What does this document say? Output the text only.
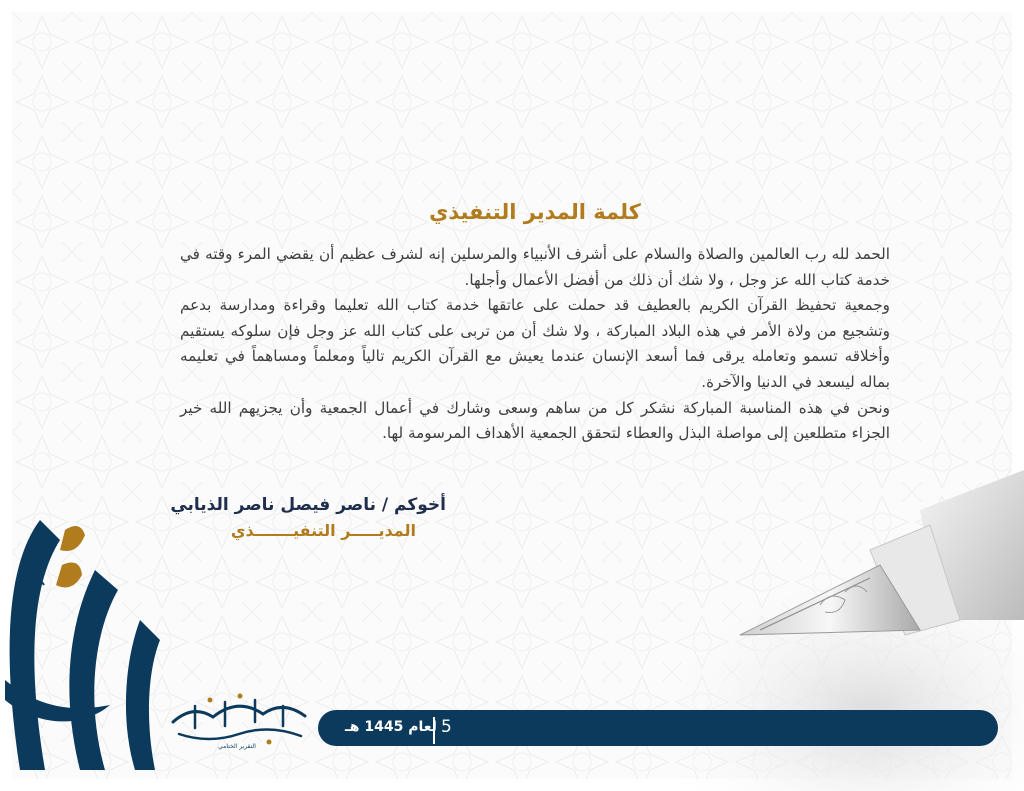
كلمة المدير التنفيذي

الحمد لله رب العالمين والصلاة والسلام على أشرف الأنبياء والمرسلين إنه لشرف عظيم أن يقضي المرء وقته في خدمة كتاب الله عز وجل ، ولا شك أن ذلك من أفضل الأعمال وأجلها.

وجمعية تحفيظ القرآن الكريم بالعطيف قد حملت على عاتقها خدمة كتاب الله تعليما وقراءة ومدارسة بدعم وتشجيع من ولاة الأمر في هذه البلاد المباركة ، ولا شك أن من تربى على كتاب الله عز وجل فإن سلوكه يستقيم وأخلاقه تسمو وتعامله يرقى فما أسعد الإنسان عندما يعيش مع القرآن الكريم تالياً ومعلماً ومساهماً في تعليمه بماله ليسعد في الدنيا والآخرة.

ونحن في هذه المناسبة المباركة نشكر كل من ساهم وسعى وشارك في أعمال الجمعية وأن يجزيهم الله خير الجزاء متطلعين إلى مواصلة البذل والعطاء لتحقق الجمعية الأهداف المرسومة لها.

أخوكم / ناصر فيصل ناصر الذيابي
المديـــــر التنفيـــــــذي
5
لعام 1445 هـ
التقرير الختامي
